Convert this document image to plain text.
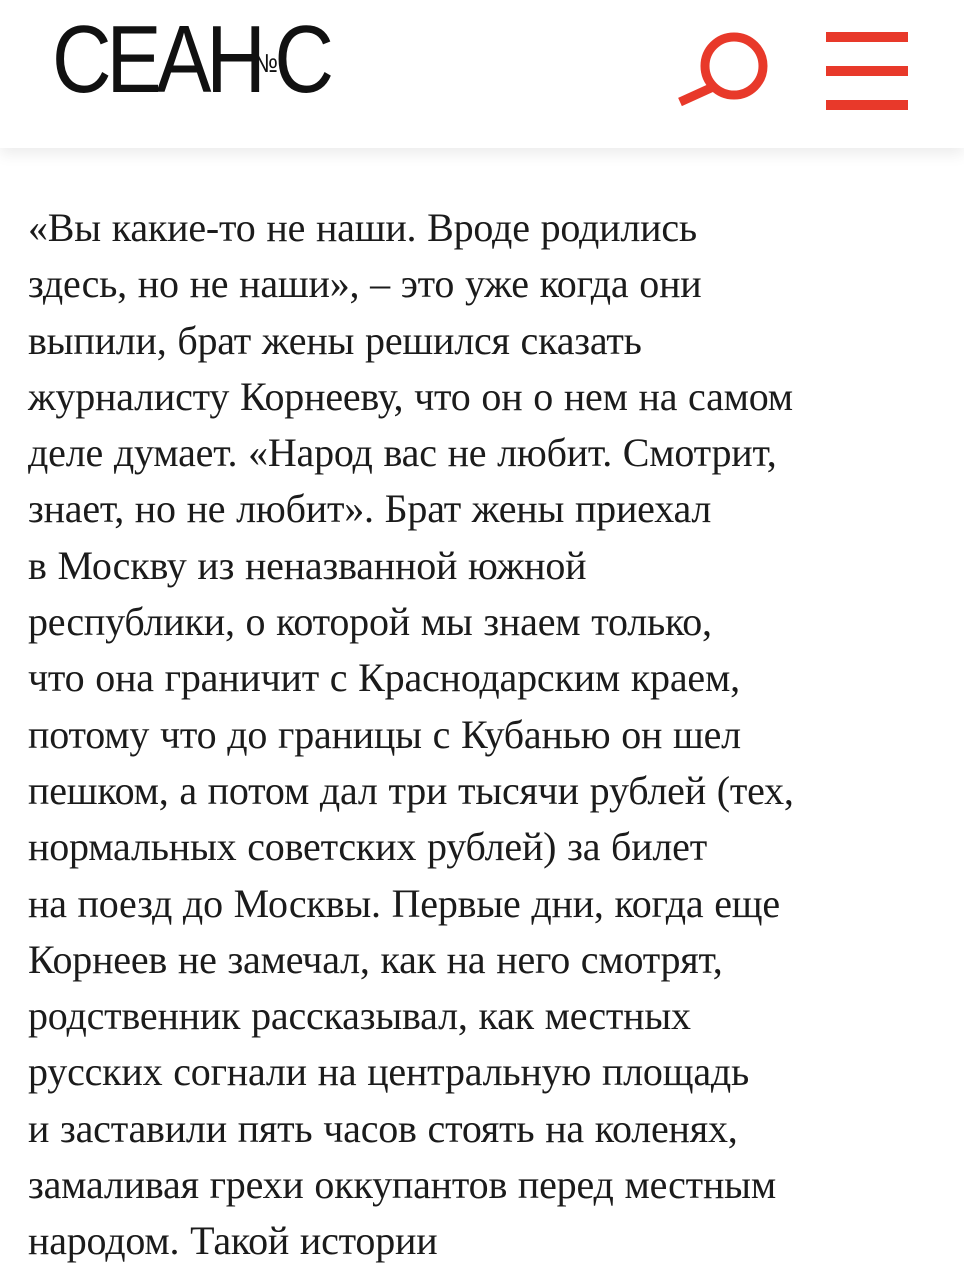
СЕАН№С

«Вы какие-то не наши. Вроде родились
здесь, но не наши», – это уже когда они
выпили, брат жены решился сказать
журналисту Корнееву, что он о нем на самом
деле думает. «Народ вас не любит. Смотрит,
знает, но не любит». Брат жены приехал
в Москву из неназванной южной
республики, о которой мы знаем только,
что она граничит с Краснодарским краем,
потому что до границы с Кубанью он шел
пешком, а потом дал три тысячи рублей (тех,
нормальных советских рублей) за билет
на поезд до Москвы. Первые дни, когда еще
Корнеев не замечал, как на него смотрят,
родственник рассказывал, как местных
русских согнали на центральную площадь
и заставили пять часов стоять на коленях,
замаливая грехи оккупантов перед местным
народом. Такой истории
